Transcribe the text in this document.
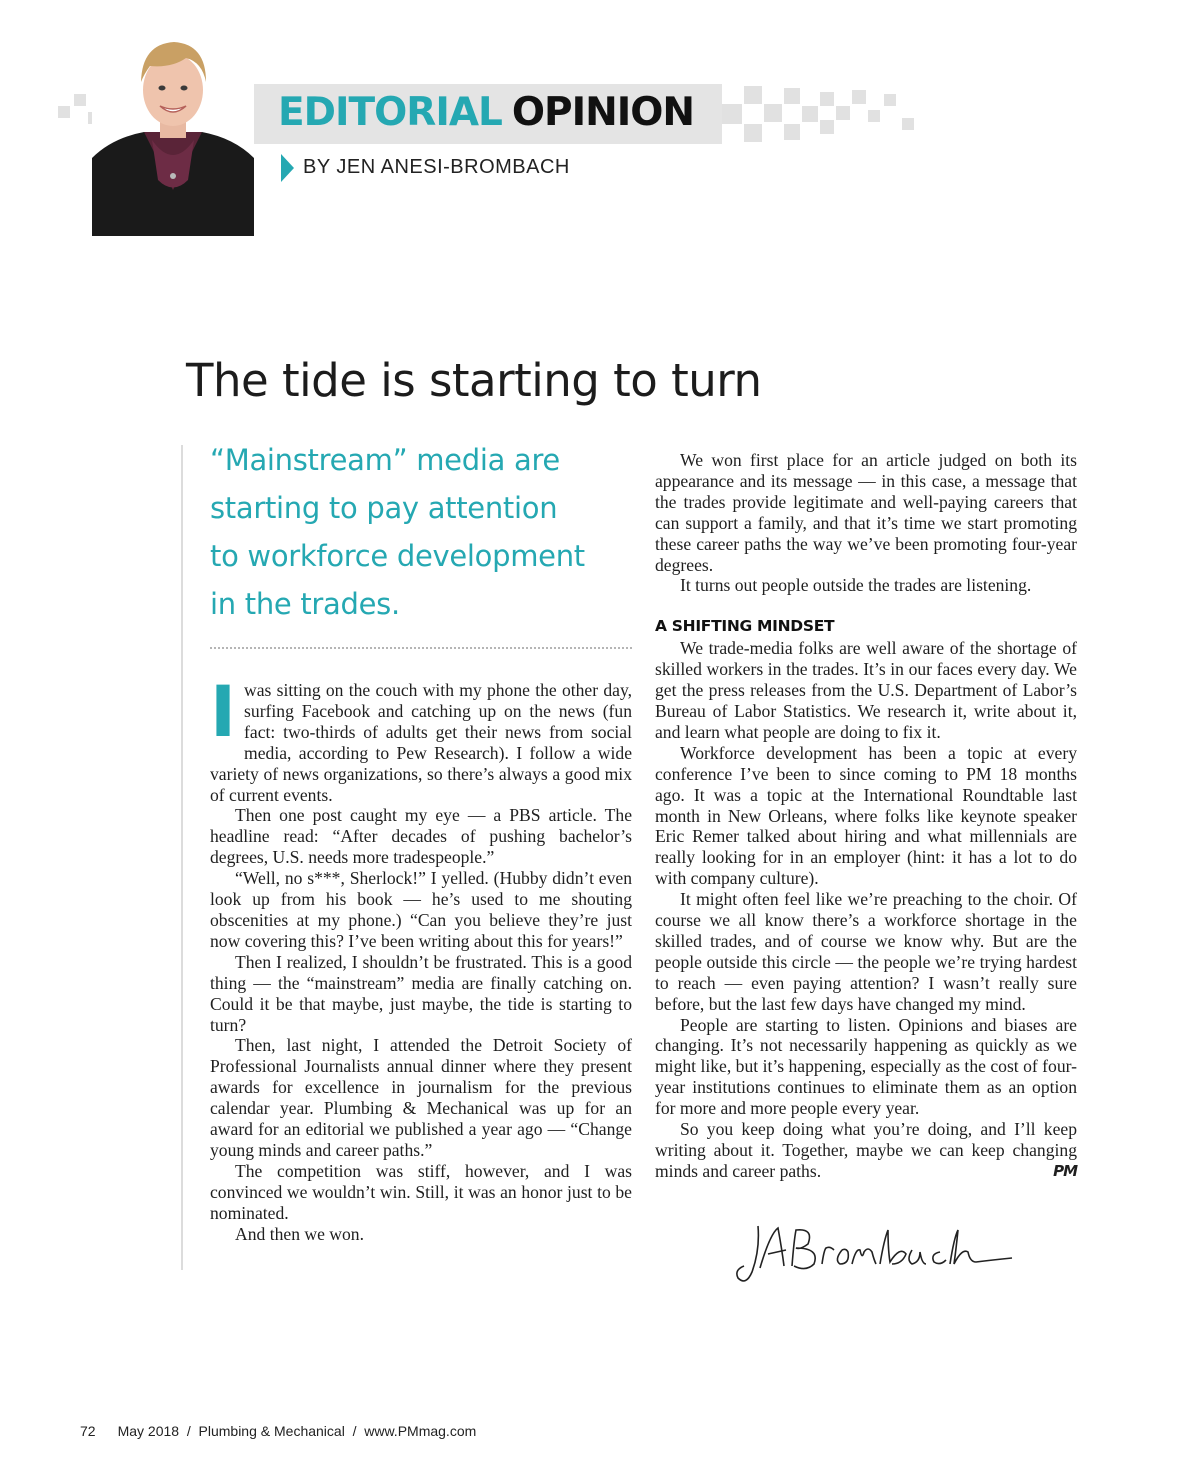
EDITORIAL OPINION
BY JEN ANESI-BROMBACH
The tide is starting to turn
“Mainstream” media are
starting to pay attention
to workforce development
in the trades.

Iwas sitting on the couch with my phone the other day, surfing Facebook and catching up on the news (fun fact: two-thirds of adults get their news from social media, according to Pew Research). I follow a wide variety of news organizations, so there’s always a good mix of current events.

Then one post caught my eye — a PBS article. The headline read: “After decades of pushing bachelor’s degrees, U.S. needs more tradespeople.”

“Well, no s***, Sherlock!” I yelled. (Hubby didn’t even look up from his book — he’s used to me shouting obscenities at my phone.) “Can you believe they’re just now covering this? I’ve been writing about this for years!”

Then I realized, I shouldn’t be frustrated. This is a good thing — the “mainstream” media are finally catching on. Could it be that maybe, just maybe, the tide is starting to turn?

Then, last night, I attended the Detroit Society of Professional Journalists annual dinner where they present awards for excellence in journalism for the previous calendar year. Plumbing & Mechanical was up for an award for an editorial we published a year ago — “Change young minds and career paths.”

The competition was stiff, however, and I was convinced we wouldn’t win. Still, it was an honor just to be nominated.

And then we won.

We won first place for an article judged on both its appearance and its message — in this case, a message that the trades provide legitimate and well-paying careers that can support a family, and that it’s time we start promoting these career paths the way we’ve been promoting four-year degrees.

It turns out people outside the trades are listening.

A SHIFTING MINDSET

We trade-media folks are well aware of the shortage of skilled workers in the trades. It’s in our faces every day. We get the press releases from the U.S. Department of Labor’s Bureau of Labor Statistics. We research it, write about it, and learn what people are doing to fix it.

Workforce development has been a topic at every conference I’ve been to since coming to PM 18 months ago. It was a topic at the International Roundtable last month in New Orleans, where folks like keynote speaker Eric Remer talked about hiring and what millennials are really looking for in an employer (hint: it has a lot to do with company culture).

It might often feel like we’re preaching to the choir. Of course we all know there’s a workforce shortage in the skilled trades, and of course we know why. But are the people outside this circle — the people we’re trying hardest to reach — even paying attention? I wasn’t really sure before, but the last few days have changed my mind.

People are starting to listen. Opinions and biases are changing. It’s not necessarily happening as quickly as we might like, but it’s happening, especially as the cost of four-year institutions continues to eliminate them as an option for more and more people every year.

So you keep doing what you’re doing, and I’ll keep writing about it. Together, maybe we can keep changing minds and career paths.	PM

72 May 2018  /  Plumbing & Mechanical  /  www.PMmag.com
